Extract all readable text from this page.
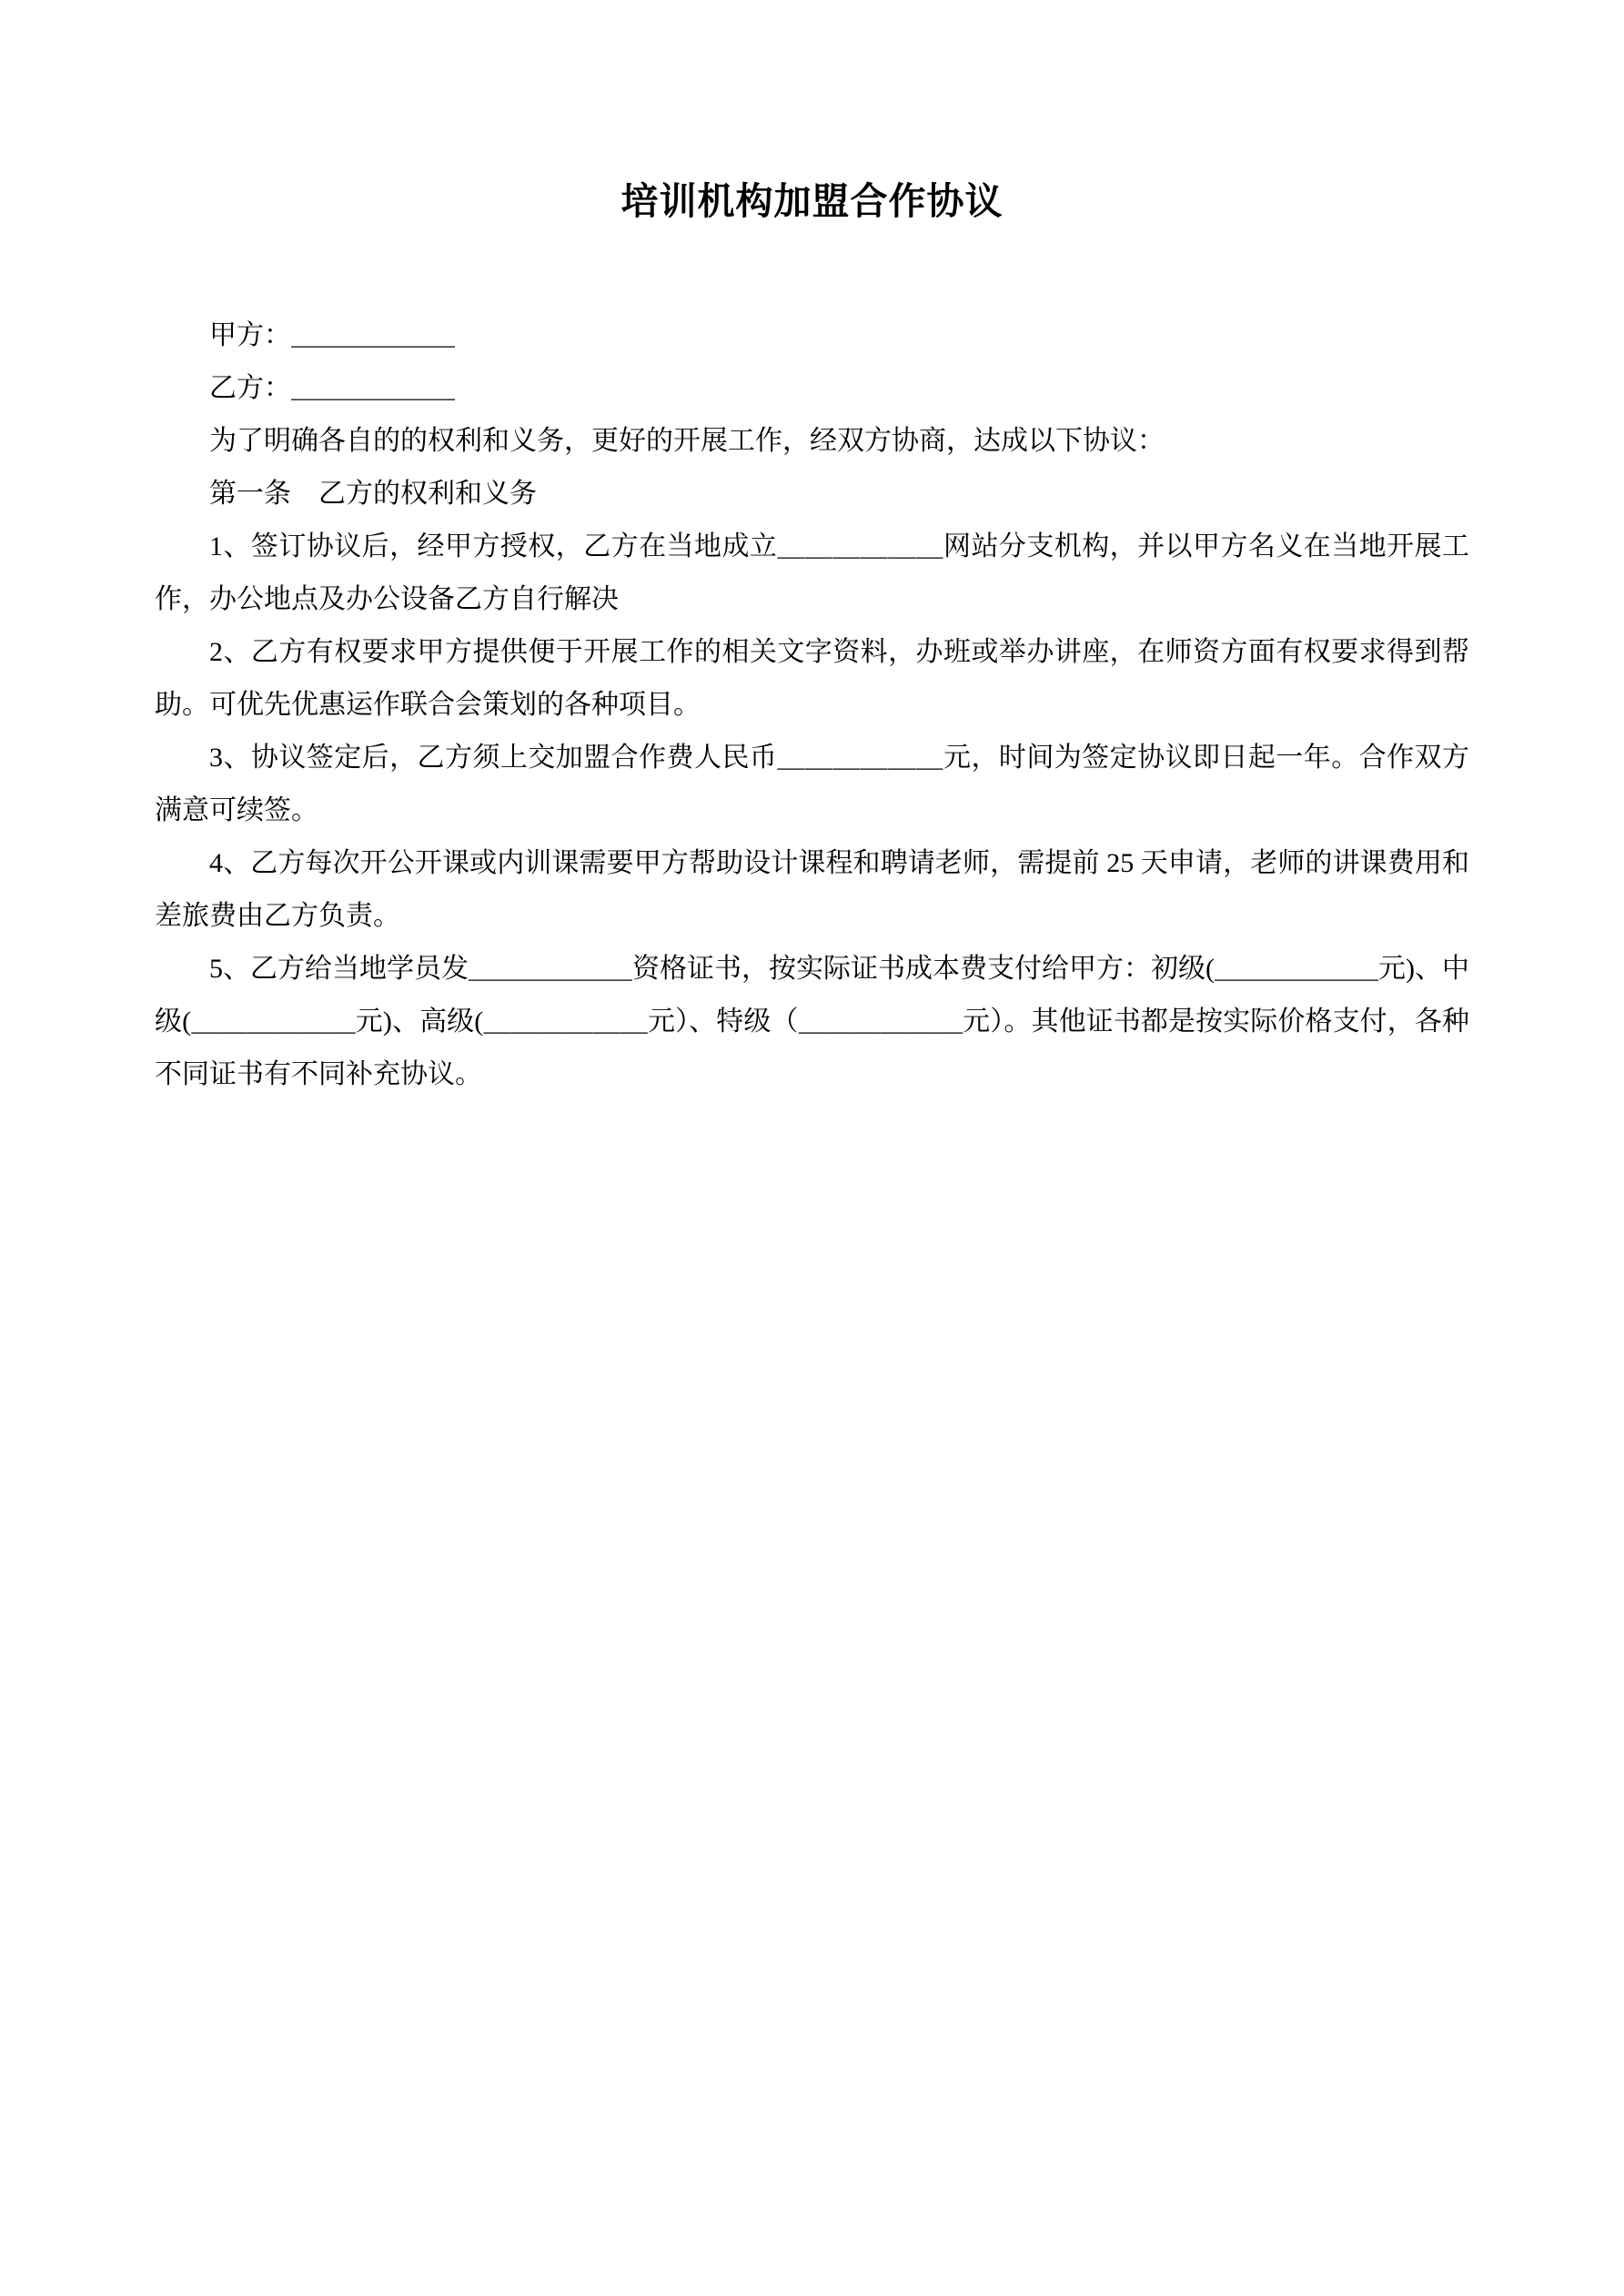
培训机构加盟合作协议

甲方：＿＿＿＿＿＿

乙方：＿＿＿＿＿＿

为了明确各自的的权利和义务，更好的开展工作，经双方协商，达成以下协议：

第一条　乙方的权利和义务

1、签订协议后，经甲方授权，乙方在当地成立＿＿＿＿＿＿网站分支机构，并以甲方名义在当地开展工作，办公地点及办公设备乙方自行解决

2、乙方有权要求甲方提供便于开展工作的相关文字资料，办班或举办讲座，在师资方面有权要求得到帮助。可优先优惠运作联合会策划的各种项目。

3、协议签定后，乙方须上交加盟合作费人民币＿＿＿＿＿＿元，时间为签定协议即日起一年。合作双方满意可续签。

4、乙方每次开公开课或内训课需要甲方帮助设计课程和聘请老师，需提前 25 天申请，老师的讲课费用和差旅费由乙方负责。

5、乙方给当地学员发＿＿＿＿＿＿资格证书，按实际证书成本费支付给甲方：初级(＿＿＿＿＿＿元)、中级(＿＿＿＿＿＿元)、高级(＿＿＿＿＿＿元）、特级（＿＿＿＿＿＿元）。其他证书都是按实际价格支付，各种不同证书有不同补充协议。
